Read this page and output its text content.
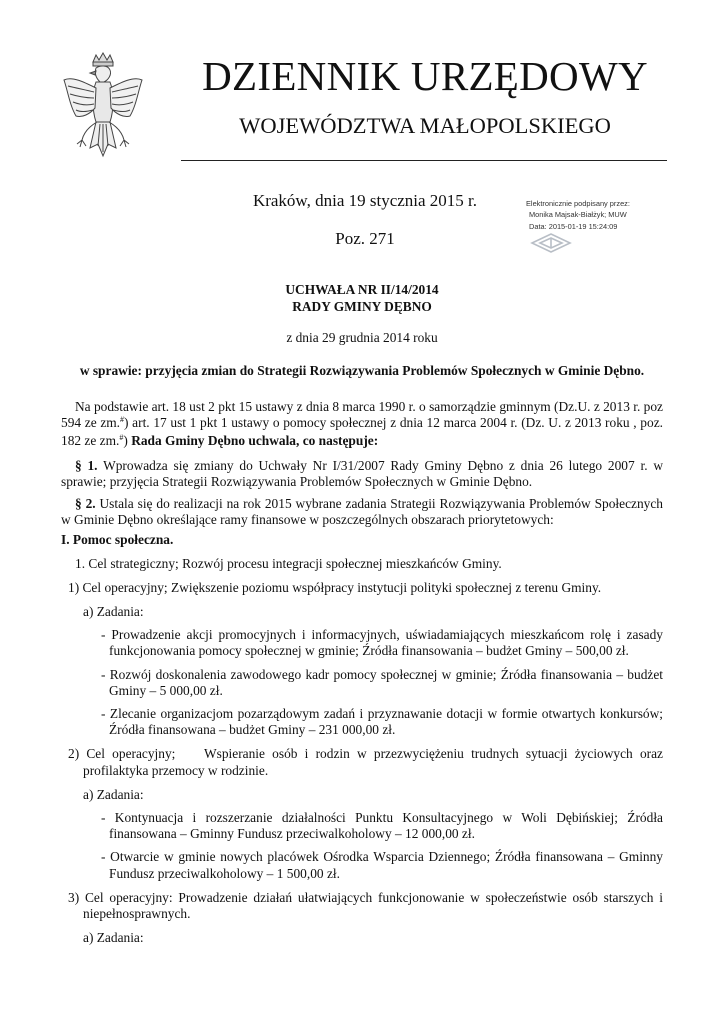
DZIENNIK URZĘDOWY
WOJEWÓDZTWA MAŁOPOLSKIEGO
Kraków, dnia 19 stycznia 2015 r.
Poz. 271
Elektronicznie podpisany przez:
Monika Majsak-Białżyk; MUW
Data: 2015-01-19 15:24:09
UCHWAŁA NR II/14/2014
RADY GMINY DĘBNO
z dnia 29 grudnia 2014 roku
w sprawie: przyjęcia zmian do Strategii Rozwiązywania Problemów Społecznych w Gminie Dębno.

Na podstawie art. 18 ust 2 pkt 15 ustawy z dnia 8 marca 1990 r. o samorządzie gminnym (Dz.U. z 2013 r. poz 594 ze zm.#) art. 17 ust 1 pkt 1 ustawy o pomocy społecznej z dnia 12 marca 2004 r. (Dz. U. z 2013 roku , poz. 182 ze zm.#) Rada Gminy Dębno uchwala, co następuje:

§ 1. Wprowadza się zmiany do Uchwały Nr I/31/2007 Rady Gminy Dębno z dnia 26 lutego 2007 r. w sprawie; przyjęcia Strategii Rozwiązywania Problemów Społecznych w Gminie Dębno.

§ 2. Ustala się do realizacji na rok 2015 wybrane zadania Strategii Rozwiązywania Problemów Społecznych w Gminie Dębno określające ramy finansowe w poszczególnych obszarach priorytetowych:

I. Pomoc społeczna.
1. Cel strategiczny; Rozwój procesu integracji społecznej mieszkańców Gminy.
1) Cel operacyjny; Zwiększenie poziomu współpracy instytucji polityki społecznej z terenu Gminy.
a) Zadania:
- Prowadzenie akcji promocyjnych i informacyjnych, uświadamiających mieszkańcom rolę i zasady funkcjonowania pomocy społecznej w gminie; Źródła finansowania – budżet Gminy – 500,00 zł.
- Rozwój doskonalenia zawodowego kadr pomocy społecznej w gminie; Źródła finansowania – budżet Gminy – 5 000,00 zł.
- Zlecanie organizacjom pozarządowym zadań i przyznawanie dotacji w formie otwartych konkursów; Źródła finansowana – budżet Gminy – 231 000,00 zł.
2) Cel operacyjny;    Wspieranie osób i rodzin w przezwyciężeniu trudnych sytuacji życiowych oraz profilaktyka przemocy w rodzinie.
a) Zadania:
- Kontynuacja i rozszerzanie działalności Punktu Konsultacyjnego w Woli Dębińskiej; Źródła finansowana – Gminny Fundusz przeciwalkoholowy – 12 000,00 zł.
- Otwarcie w gminie nowych placówek Ośrodka Wsparcia Dziennego; Źródła finansowana – Gminny Fundusz przeciwalkoholowy – 1 500,00 zł.
3) Cel operacyjny: Prowadzenie działań ułatwiających funkcjonowanie w społeczeństwie osób starszych i niepełnosprawnych.
a) Zadania:
